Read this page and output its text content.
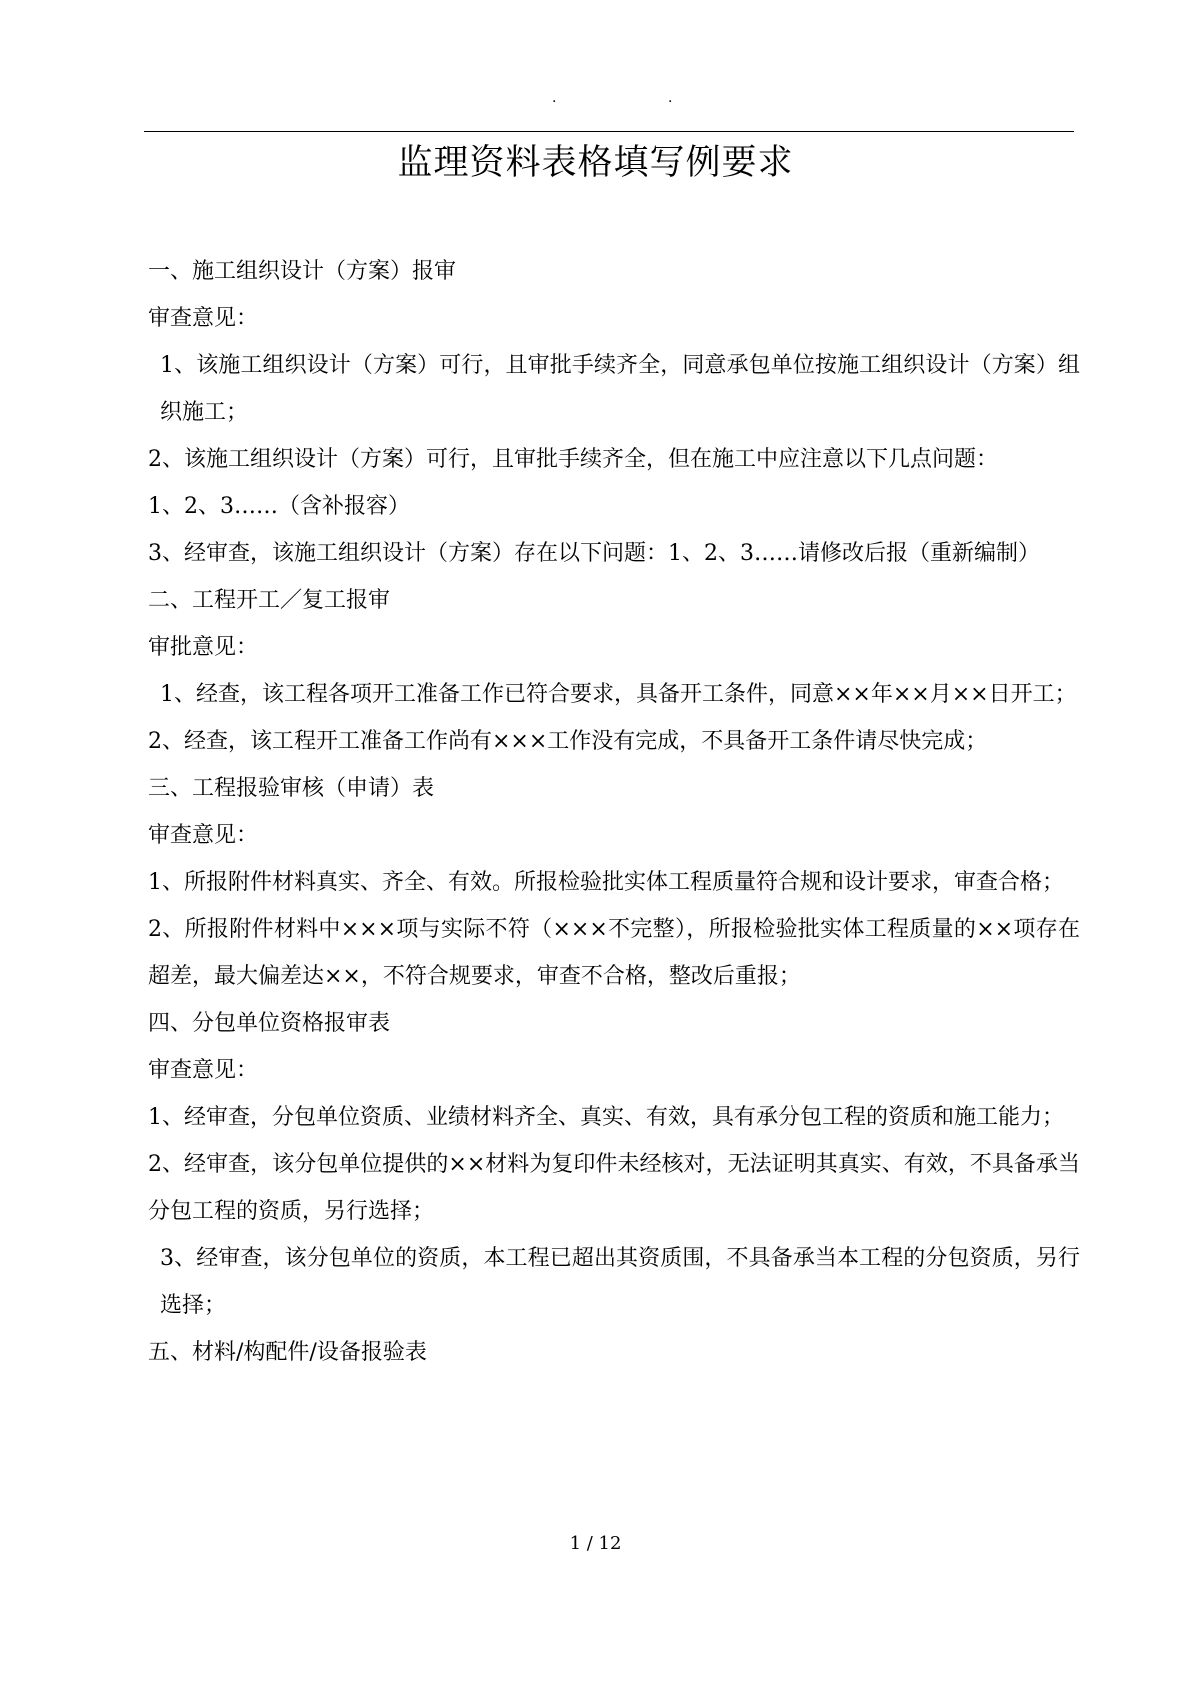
.	.
监理资料表格填写例要求

一、施工组织设计（方案）报审

审查意见：

1、该施工组织设计（方案）可行，且审批手续齐全，同意承包单位按施工组织设计（方案）组织施工；

2、该施工组织设计（方案）可行，且审批手续齐全，但在施工中应注意以下几点问题：

1、2、3……（含补报容）

3、经审查，该施工组织设计（方案）存在以下问题：1、2、3……请修改后报（重新编制）

二、工程开工／复工报审

审批意见：

1、经查，该工程各项开工准备工作已符合要求，具备开工条件，同意××年××月××日开工；

2、经查，该工程开工准备工作尚有×××工作没有完成，不具备开工条件请尽快完成；

三、工程报验审核（申请）表

审查意见：

1、所报附件材料真实、齐全、有效。所报检验批实体工程质量符合规和设计要求，审查合格；

2、所报附件材料中×××项与实际不符（×××不完整），所报检验批实体工程质量的××项存在超差，最大偏差达××，不符合规要求，审查不合格，整改后重报；

四、分包单位资格报审表

审查意见：

1、经审查，分包单位资质、业绩材料齐全、真实、有效，具有承分包工程的资质和施工能力；

2、经审查，该分包单位提供的××材料为复印件未经核对，无法证明其真实、有效，不具备承当分包工程的资质，另行选择；

3、经审查，该分包单位的资质，本工程已超出其资质围，不具备承当本工程的分包资质，另行选择；

五、材料/构配件/设备报验表

1 / 12
